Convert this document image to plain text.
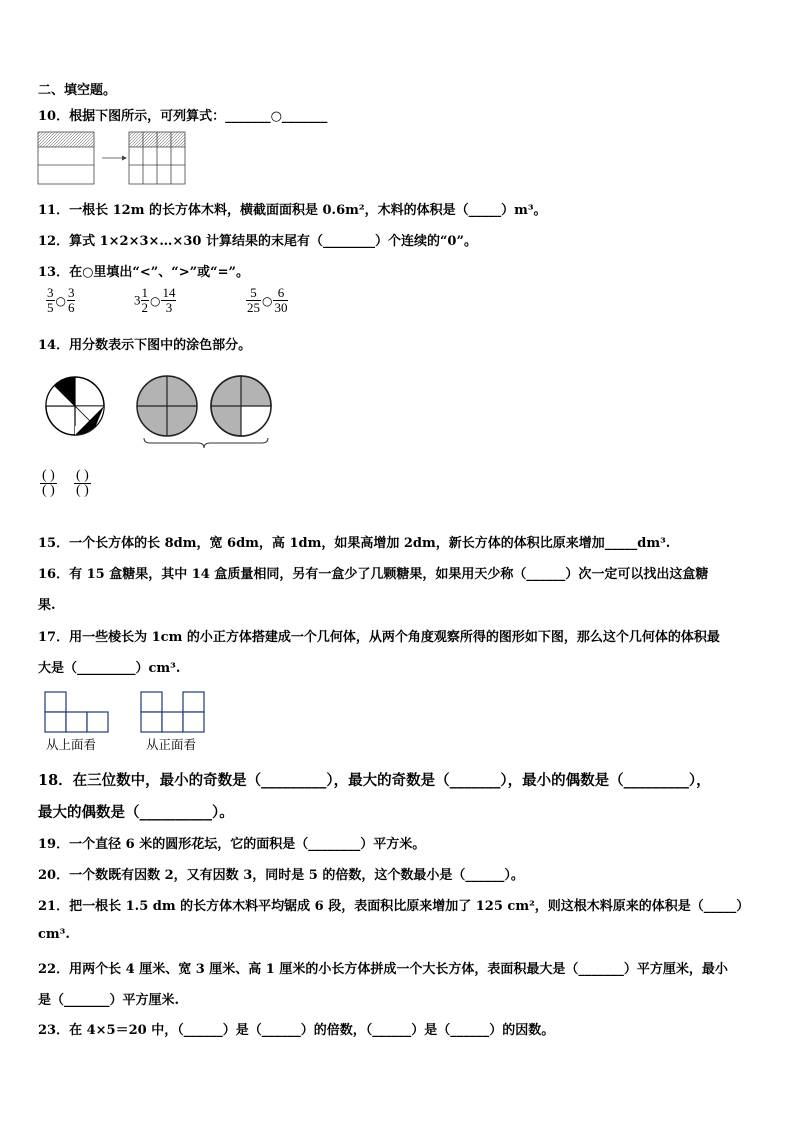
二、填空题。
10．根据下图所示，可列算式：_______○_______
11．一根长 12m 的长方体木料，横截面面积是 0.6m²，木料的体积是（_____）m³。
12．算式 1×2×3×…×30 计算结果的末尾有（________）个连续的“0”。
13．在○里填出“<”、“>”或“=”。
$\frac{3}{5}$ ○ $\frac{3}{6}$	$3 \frac{1}{2}$ ○ $\frac{14}{3}$	$\frac{5}{25}$ ○ $\frac{6}{30}$
14．用分数表示下图中的涂色部分。
$\frac{( )}{( )} \frac{( )}{( )}$
15．一个长方体的长 8dm，宽 6dm，高 1dm，如果高增加 2dm，新长方体的体积比原来增加_____dm³.
16．有 15 盒糖果，其中 14 盒质量相同，另有一盒少了几颗糖果，如果用天少称（______）次一定可以找出这盒糖
果.
17．用一些棱长为 1cm 的小正方体搭建成一个几何体，从两个角度观察所得的图形如下图，那么这个几何体的体积最
大是（_________）cm³.
从上面看	从正面看
18．在三位数中，最小的奇数是（_________），最大的奇数是（_______），最小的偶数是（_________），
最大的偶数是（__________）。
19．一个直径 6 米的圆形花坛，它的面积是（________）平方米。
20．一个数既有因数 2，又有因数 3，同时是 5 的倍数，这个数最小是（______）。
21．把一根长 1.5 dm 的长方体木料平均锯成 6 段，表面积比原来增加了 125 cm²，则这根木料原来的体积是（_____）
cm³.
22．用两个长 4 厘米、宽 3 厘米、高 1 厘米的小长方体拼成一个大长方体，表面积最大是（_______）平方厘米，最小
是（_______）平方厘米.
23．在 4×5＝20 中，（______）是（______）的倍数，（______）是（______）的因数。
